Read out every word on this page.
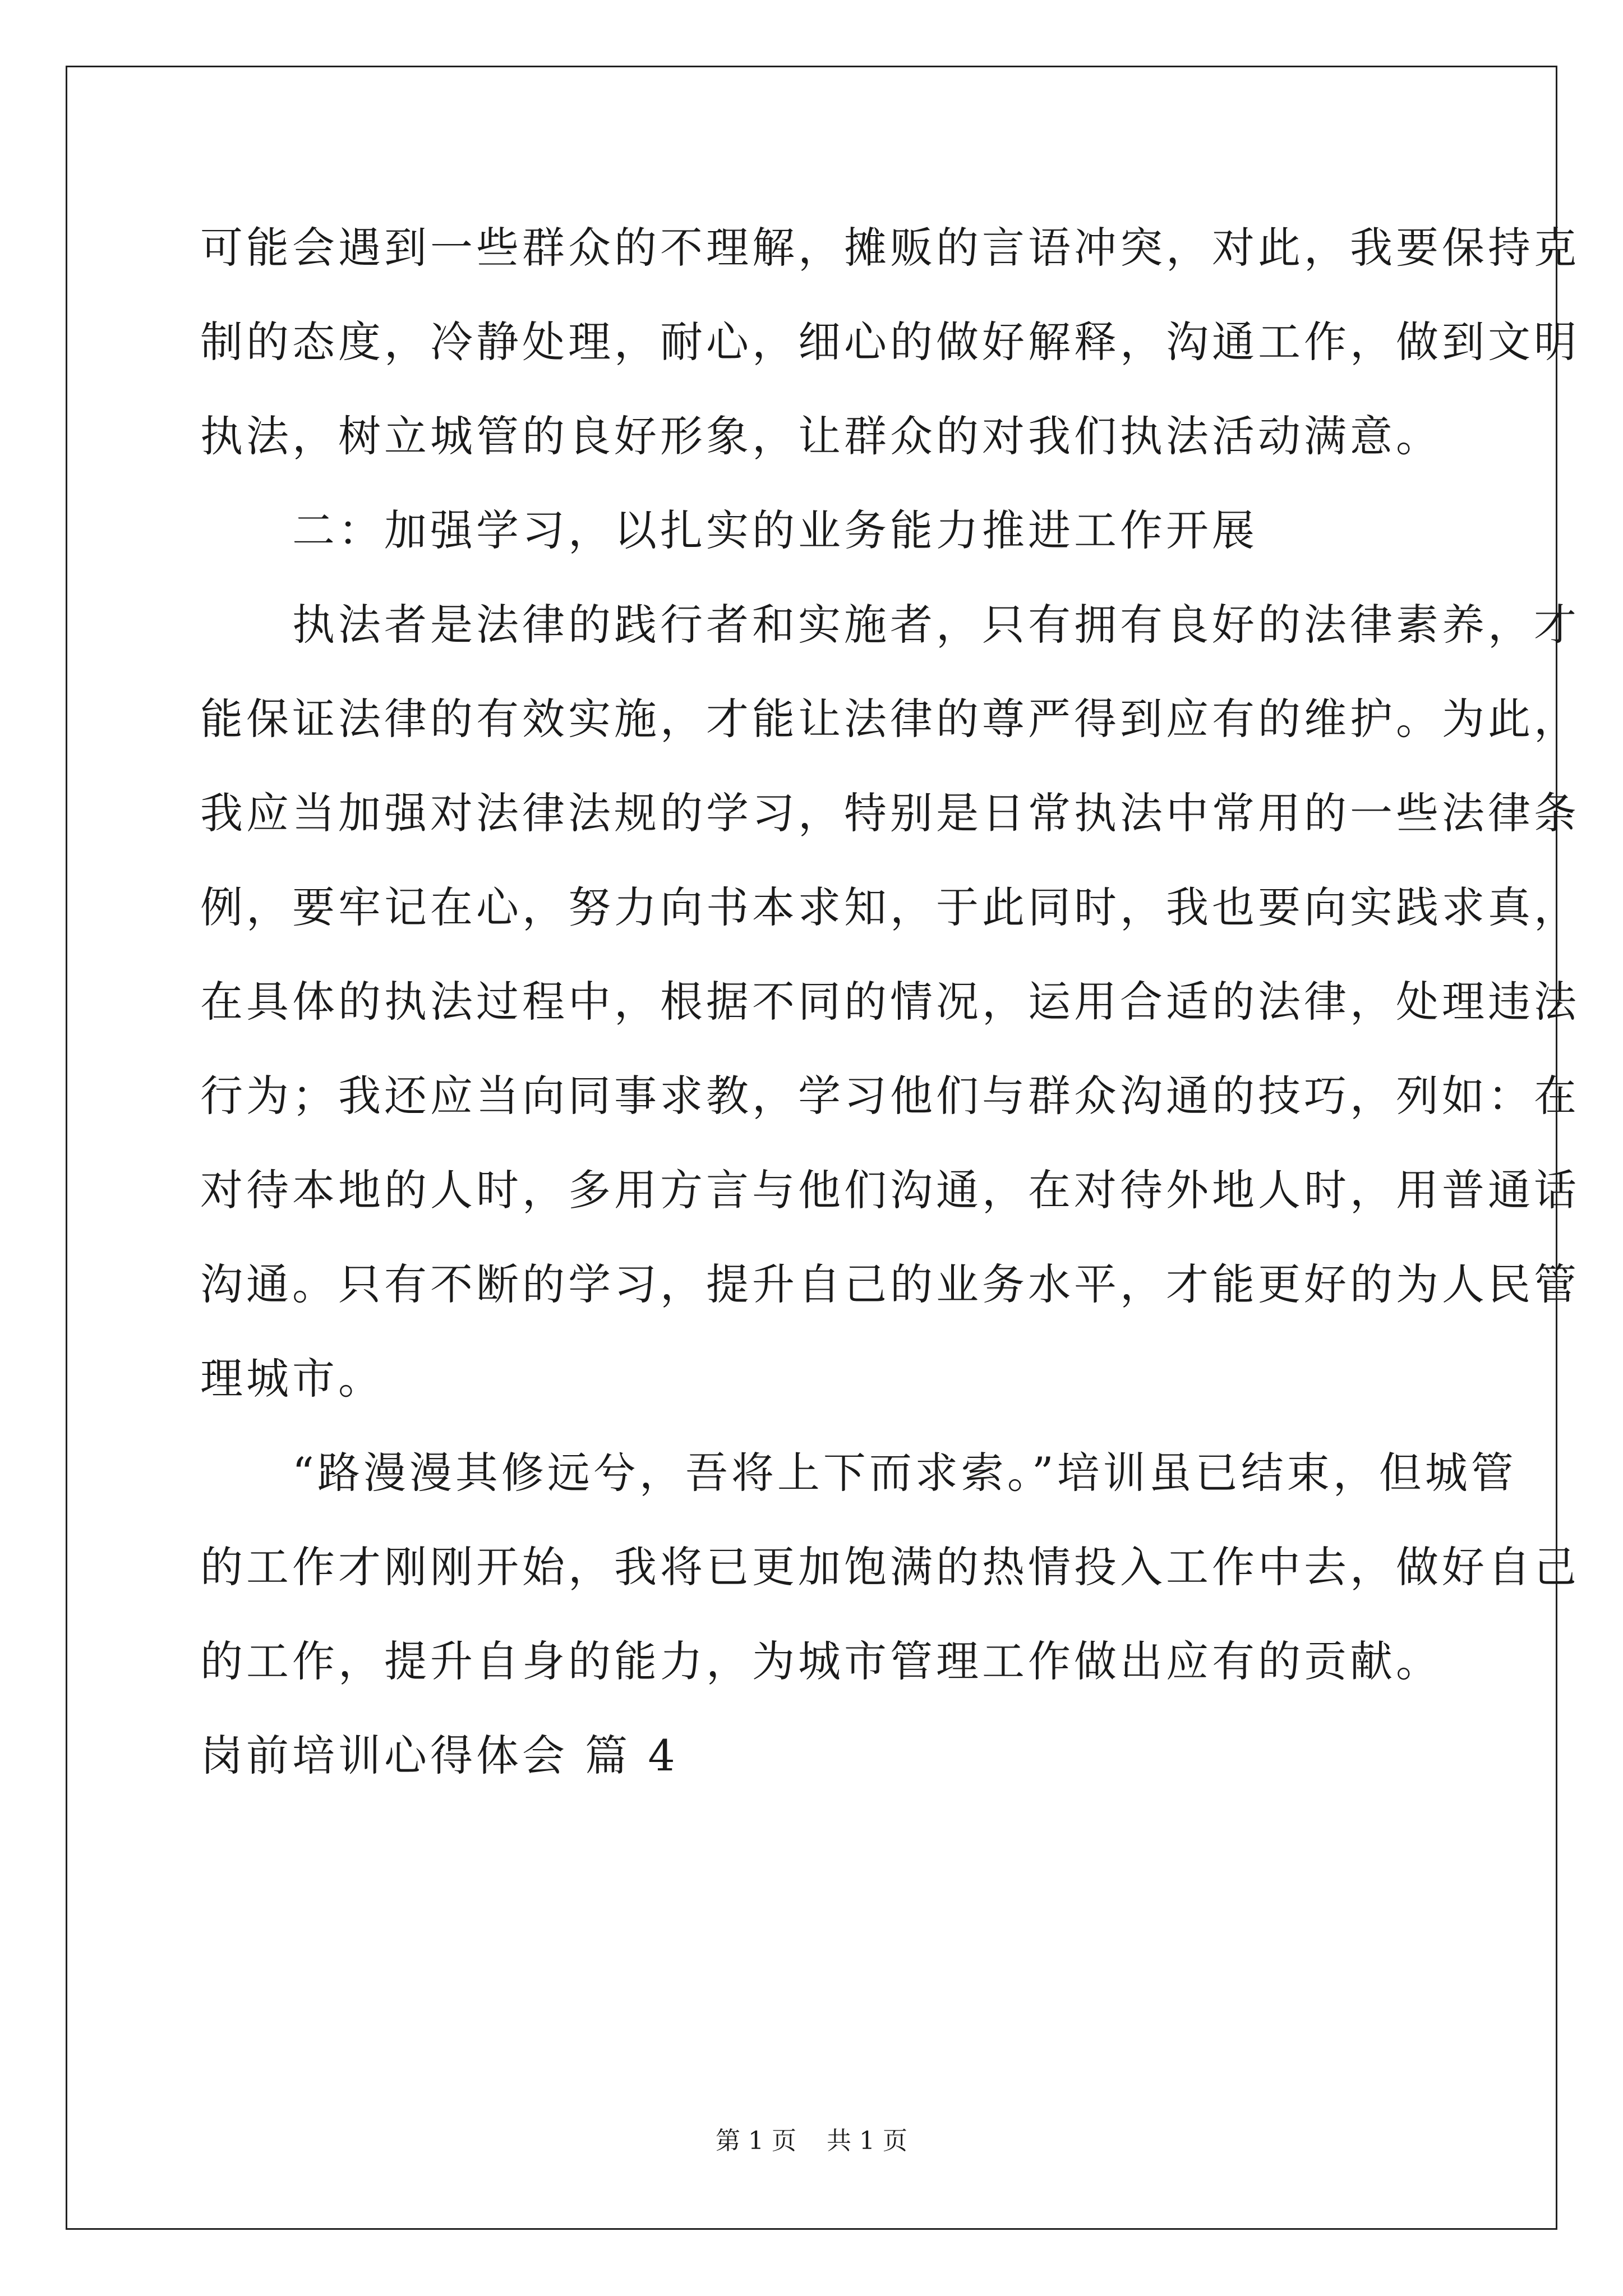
可能会遇到一些群众的不理解，摊贩的言语冲突，对此，我要保持克
制的态度，冷静处理，耐心，细心的做好解释，沟通工作，做到文明
执法，树立城管的良好形象，让群众的对我们执法活动满意。
　　二：加强学习，以扎实的业务能力推进工作开展
　　执法者是法律的践行者和实施者，只有拥有良好的法律素养，才
能保证法律的有效实施，才能让法律的尊严得到应有的维护。为此，
我应当加强对法律法规的学习，特别是日常执法中常用的一些法律条
例，要牢记在心，努力向书本求知，于此同时，我也要向实践求真，
在具体的执法过程中，根据不同的情况，运用合适的法律，处理违法
行为；我还应当向同事求教，学习他们与群众沟通的技巧，列如：在
对待本地的人时，多用方言与他们沟通，在对待外地人时，用普通话
沟通。只有不断的学习，提升自己的业务水平，才能更好的为人民管
理城市。
　　“路漫漫其修远兮，吾将上下而求索。”培训虽已结束，但城管
的工作才刚刚开始，我将已更加饱满的热情投入工作中去，做好自己
的工作，提升自身的能力，为城市管理工作做出应有的贡献。
岗前培训心得体会 篇 4
第 1 页 共 1 页
